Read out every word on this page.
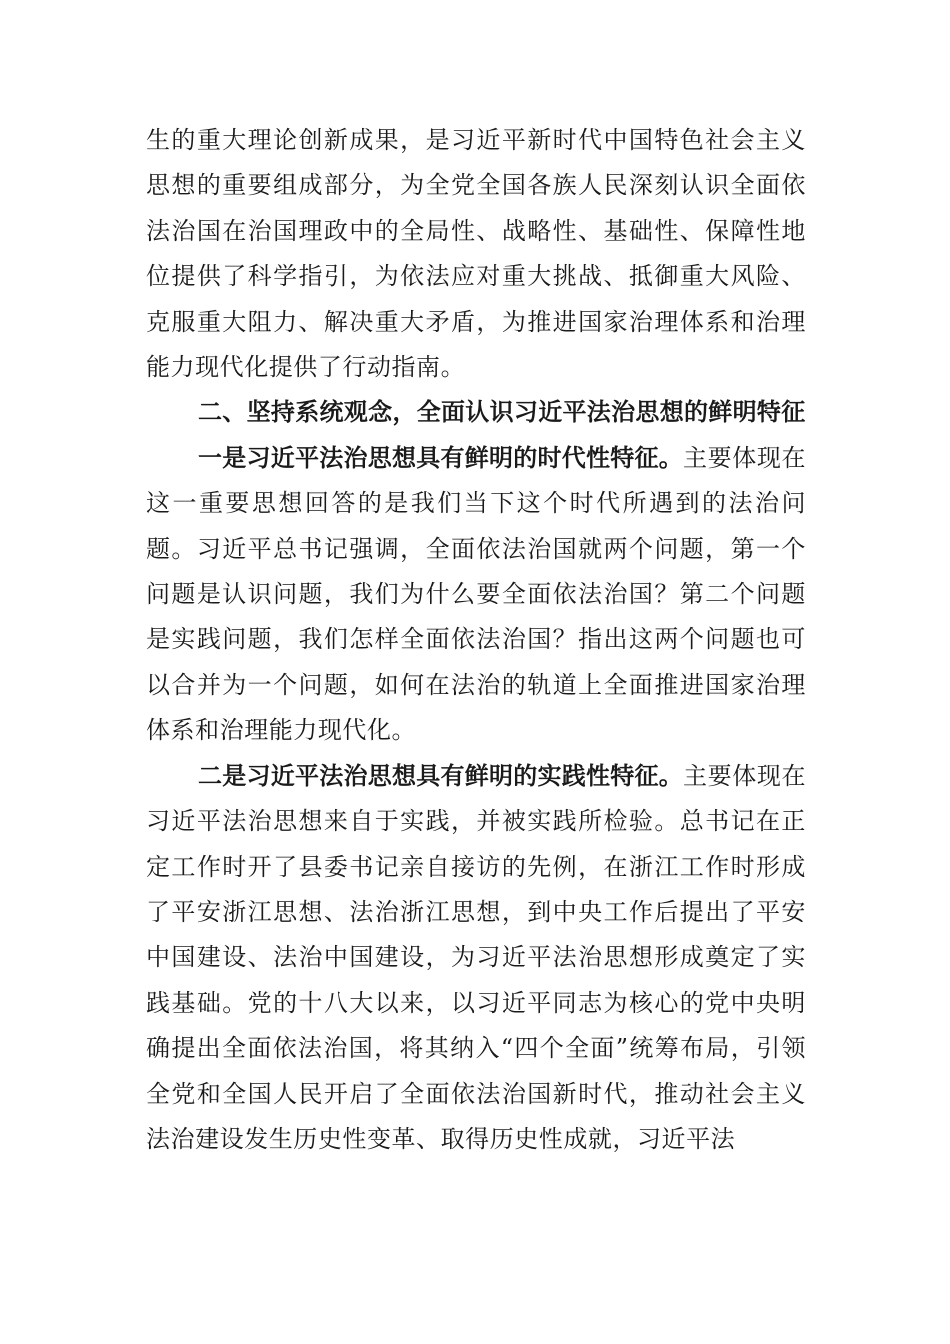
生的重大理论创新成果，是习近平新时代中国特色社会主义思想的重要组成部分，为全党全国各族人民深刻认识全面依法治国在治国理政中的全局性、战略性、基础性、保障性地位提供了科学指引，为依法应对重大挑战、抵御重大风险、克服重大阻力、解决重大矛盾，为推进国家治理体系和治理能力现代化提供了行动指南。

二、坚持系统观念，全面认识习近平法治思想的鲜明特征

一是习近平法治思想具有鲜明的时代性特征。主要体现在这一重要思想回答的是我们当下这个时代所遇到的法治问题。习近平总书记强调，全面依法治国就两个问题，第一个问题是认识问题，我们为什么要全面依法治国？第二个问题是实践问题，我们怎样全面依法治国？指出这两个问题也可以合并为一个问题，如何在法治的轨道上全面推进国家治理体系和治理能力现代化。

二是习近平法治思想具有鲜明的实践性特征。主要体现在习近平法治思想来自于实践，并被实践所检验。总书记在正定工作时开了县委书记亲自接访的先例，在浙江工作时形成了平安浙江思想、法治浙江思想，到中央工作后提出了平安中国建设、法治中国建设，为习近平法治思想形成奠定了实践基础。党的十八大以来，以习近平同志为核心的党中央明确提出全面依法治国，将其纳入“四个全面”统筹布局，引领全党和全国人民开启了全面依法治国新时代，推动社会主义法治建设发生历史性变革、取得历史性成就，习近平法
